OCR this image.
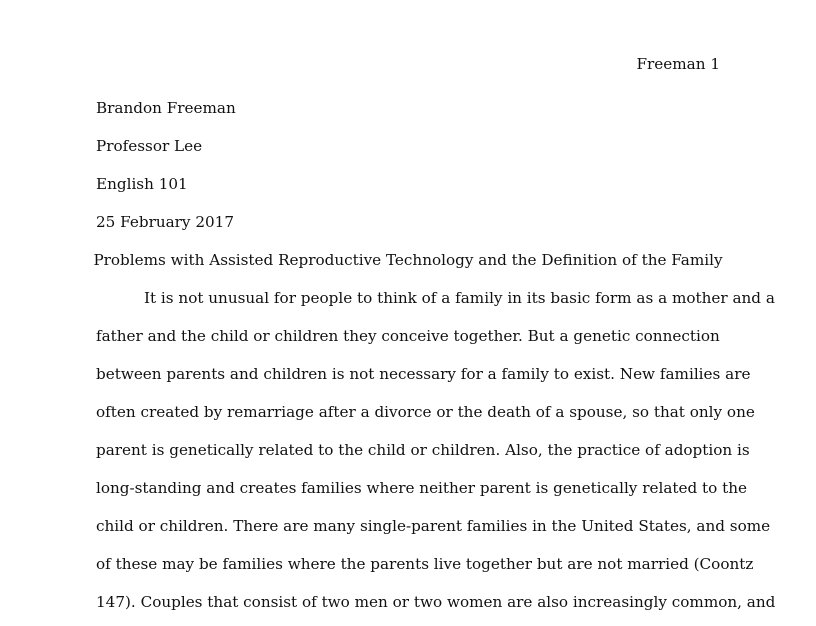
Freeman 1
Brandon Freeman
Professor Lee
English 101
25 February 2017
Problems with Assisted Reproductive Technology and the Definition of the Family
It is not unusual for people to think of a family in its basic form as a mother and a
father and the child or children they conceive together. But a genetic connection
between parents and children is not necessary for a family to exist. New families are
often created by remarriage after a divorce or the death of a spouse, so that only one
parent is genetically related to the child or children. Also, the practice of adoption is
long-standing and creates families where neither parent is genetically related to the
child or children. There are many single-parent families in the United States, and some
of these may be families where the parents live together but are not married (Coontz
147). Couples that consist of two men or two women are also increasingly common, and
